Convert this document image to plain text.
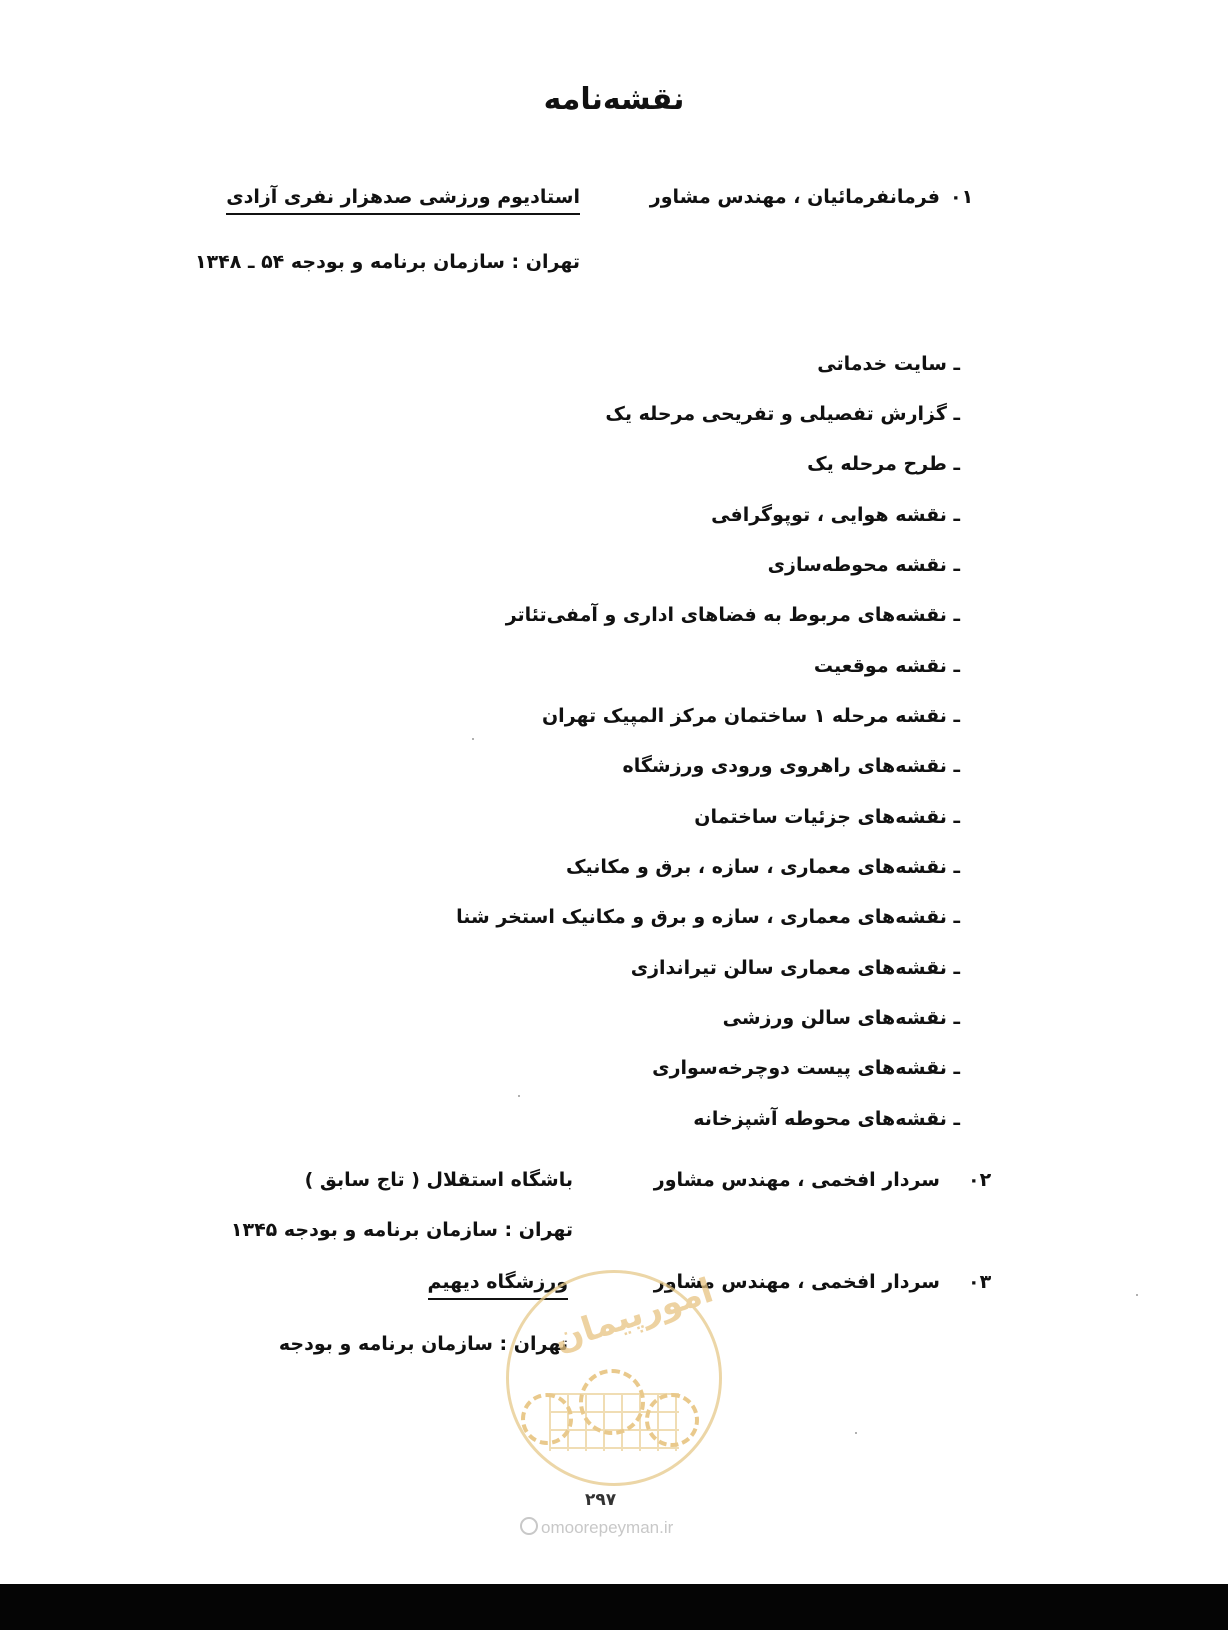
نقشه‌نامه
۰۱
فرمانفرمائیان ، مهندس مشاور
استادیوم ورزشی صدهزار نفری آزادی
تهران : سازمان برنامه و بودجه ۵۴ ـ ۱۳۴۸
ـ سایت خدماتی
ـ گزارش تفصیلی و تفریحی مرحله یک
ـ طرح مرحله یک
ـ نقشه هوایی ، توپوگرافی
ـ نقشه محوطه‌سازی
ـ نقشه‌های مربوط به فضاهای اداری و آمفی‌تئاتر
ـ نقشه موقعیت
ـ نقشه مرحله ۱ ساختمان مرکز المپیک تهران
ـ نقشه‌های راهروی ورودی ورزشگاه
ـ نقشه‌های جزئیات ساختمان
ـ نقشه‌های معماری ، سازه ، برق و مکانیک
ـ نقشه‌های معماری ، سازه و برق و مکانیک استخر شنا
ـ نقشه‌های معماری سالن تیراندازی
ـ نقشه‌های سالن ورزشی
ـ نقشه‌های پیست دوچرخه‌سواری
ـ نقشه‌های محوطه آشپزخانه
۰۲
سردار افخمی ، مهندس مشاور
باشگاه استقلال ( تاج سابق )
تهران : سازمان برنامه و بودجه ۱۳۴۵
۰۳
سردار افخمی ، مهندس مشاور
ورزشگاه دیهیم
تهران : سازمان برنامه و بودجه
امورپیمان
۲۹۷
omoorepeyman.ir
